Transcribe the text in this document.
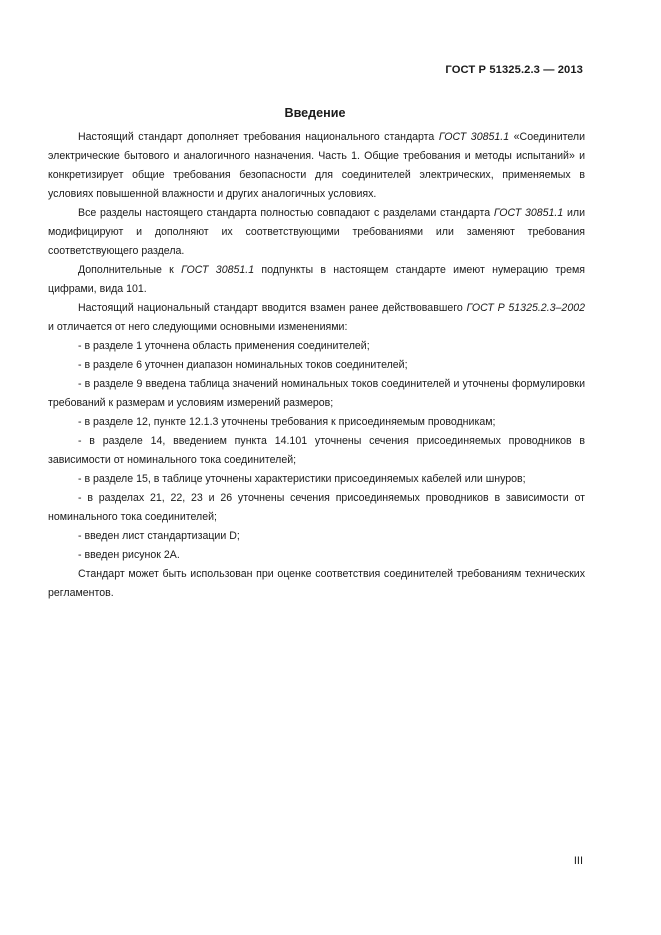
ГОСТ Р 51325.2.3 — 2013
Введение

Настоящий стандарт дополняет требования национального стандарта ГОСТ 30851.1 «Соединители электрические бытового и аналогичного назначения. Часть 1. Общие требования и методы испытаний» и конкретизирует общие требования безопасности для соединителей электрических, применяемых в условиях повышенной влажности и других аналогичных условиях.

Все разделы настоящего стандарта полностью совпадают с разделами стандарта ГОСТ 30851.1 или модифицируют и дополняют их соответствующими требованиями или заменяют требования соответствующего раздела.

Дополнительные к ГОСТ 30851.1 подпункты в настоящем стандарте имеют нумерацию тремя цифрами, вида 101.

Настоящий национальный стандарт вводится взамен ранее действовавшего ГОСТ Р 51325.2.3–2002 и отличается от него следующими основными изменениями:

- в разделе 1 уточнена область применения соединителей;

- в разделе 6 уточнен диапазон номинальных токов соединителей;

- в разделе 9 введена таблица значений номинальных токов соединителей и уточнены формулировки требований к размерам и условиям измерений размеров;

- в разделе 12, пункте 12.1.3 уточнены требования к присоединяемым проводникам;

- в разделе 14, введением пункта 14.101 уточнены сечения присоединяемых проводников в зависимости от номинального тока соединителей;

- в разделе 15, в таблице уточнены характеристики присоединяемых кабелей или шнуров;

- в разделах 21, 22, 23 и 26 уточнены сечения присоединяемых проводников в зависимости от номинального тока соединителей;

- введен лист стандартизации D;

- введен рисунок 2А.

Стандарт может быть использован при оценке соответствия соединителей требованиям технических регламентов.

III
